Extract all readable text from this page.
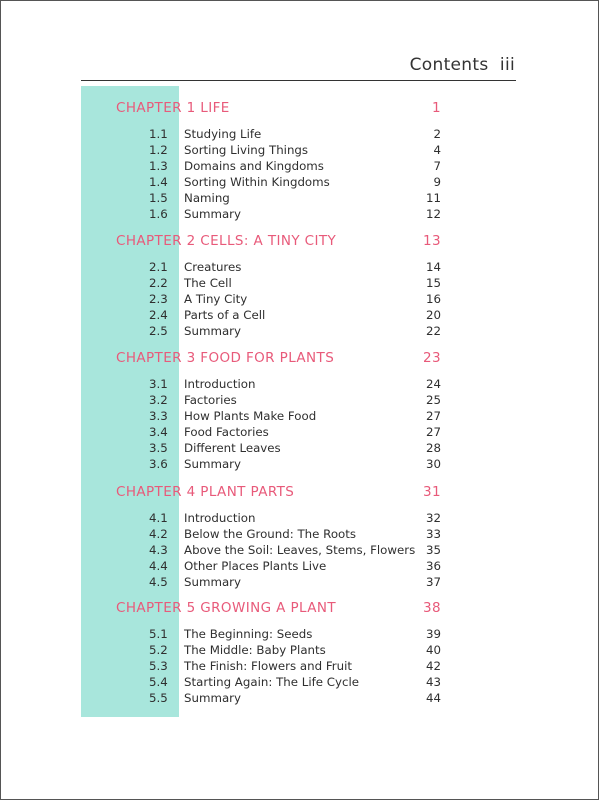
Contents iii
CHAPTER 1 LIFE	1
1.1	Studying Life	2
1.2	Sorting Living Things	4
1.3	Domains and Kingdoms	7
1.4	Sorting Within Kingdoms	9
1.5	Naming	11
1.6	Summary	12
CHAPTER 2 CELLS: A TINY CITY	13
2.1	Creatures	14
2.2	The Cell	15
2.3	A Tiny City	16
2.4	Parts of a Cell	20
2.5	Summary	22
CHAPTER 3 FOOD FOR PLANTS	23
3.1	Introduction	24
3.2	Factories	25
3.3	How Plants Make Food	27
3.4	Food Factories	27
3.5	Different Leaves	28
3.6	Summary	30
CHAPTER 4 PLANT PARTS	31
4.1	Introduction	32
4.2	Below the Ground: The Roots	33
4.3	Above the Soil: Leaves, Stems, Flowers 35
4.4	Other Places Plants Live	36
4.5	Summary	37
CHAPTER 5 GROWING A PLANT	38
5.1	The Beginning: Seeds	39
5.2	The Middle: Baby Plants	40
5.3	The Finish: Flowers and Fruit	42
5.4	Starting Again: The Life Cycle	43
5.5	Summary	44
